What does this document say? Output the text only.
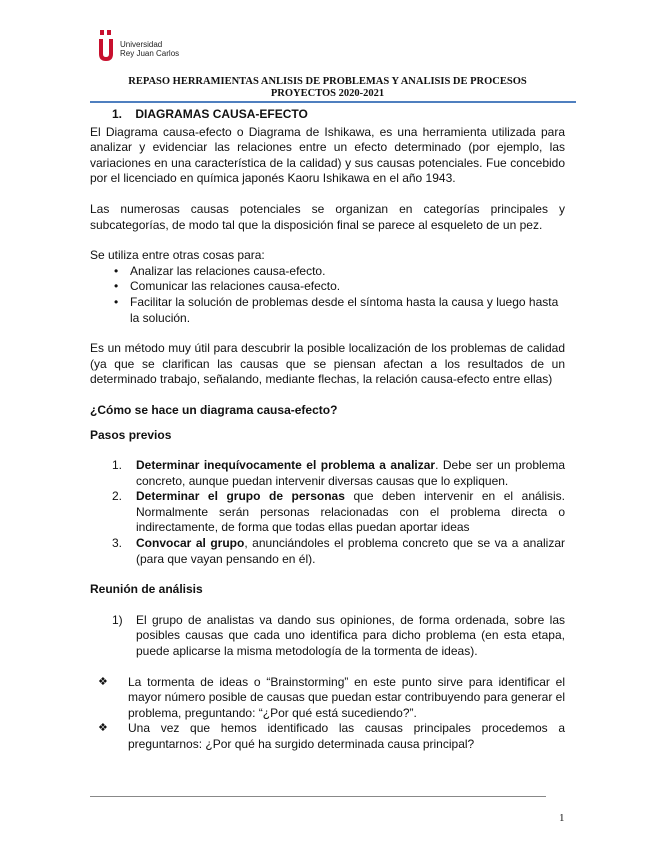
Universidad
Rey Juan Carlos
REPASO HERRAMIENTAS ANLISIS DE PROBLEMAS Y ANALISIS DE PROCESOS
PROYECTOS 2020-2021
1. DIAGRAMAS CAUSA-EFECTO

El Diagrama causa-efecto o Diagrama de Ishikawa, es una herramienta utilizada para analizar y evidenciar las relaciones entre un efecto determinado (por ejemplo, las variaciones en una característica de la calidad) y sus causas potenciales. Fue concebido por el licenciado en química japonés Kaoru Ishikawa en el año 1943.

Las numerosas causas potenciales se organizan en categorías principales y subcategorías, de modo tal que la disposición final se parece al esqueleto de un pez.

Se utiliza entre otras cosas para:

• Analizar las relaciones causa-efecto.
• Comunicar las relaciones causa-efecto.
• Facilitar la solución de problemas desde el síntoma hasta la causa y luego hasta la solución.

Es un método muy útil para descubrir la posible localización de los problemas de calidad (ya que se clarifican las causas que se piensan afectan a los resultados de un determinado trabajo, señalando, mediante flechas, la relación causa-efecto entre ellas)

¿Cómo se hace un diagrama causa-efecto?

Pasos previos

1. Determinar inequívocamente el problema a analizar. Debe ser un problema concreto, aunque puedan intervenir diversas causas que lo expliquen.
2. Determinar el grupo de personas que deben intervenir en el análisis. Normalmente serán personas relacionadas con el problema directa o indirectamente, de forma que todas ellas puedan aportar ideas
3. Convocar al grupo, anunciándoles el problema concreto que se va a analizar (para que vayan pensando en él).

Reunión de análisis

1) El grupo de analistas va dando sus opiniones, de forma ordenada, sobre las posibles causas que cada uno identifica para dicho problema (en esta etapa, puede aplicarse la misma metodología de la tormenta de ideas).
❖ La tormenta de ideas o “Brainstorming” en este punto sirve para identificar el mayor número posible de causas que puedan estar contribuyendo para generar el problema, preguntando: “¿Por qué está sucediendo?”.
❖ Una vez que hemos identificado las causas principales procedemos a preguntarnos: ¿Por qué ha surgido determinada causa principal?
1
